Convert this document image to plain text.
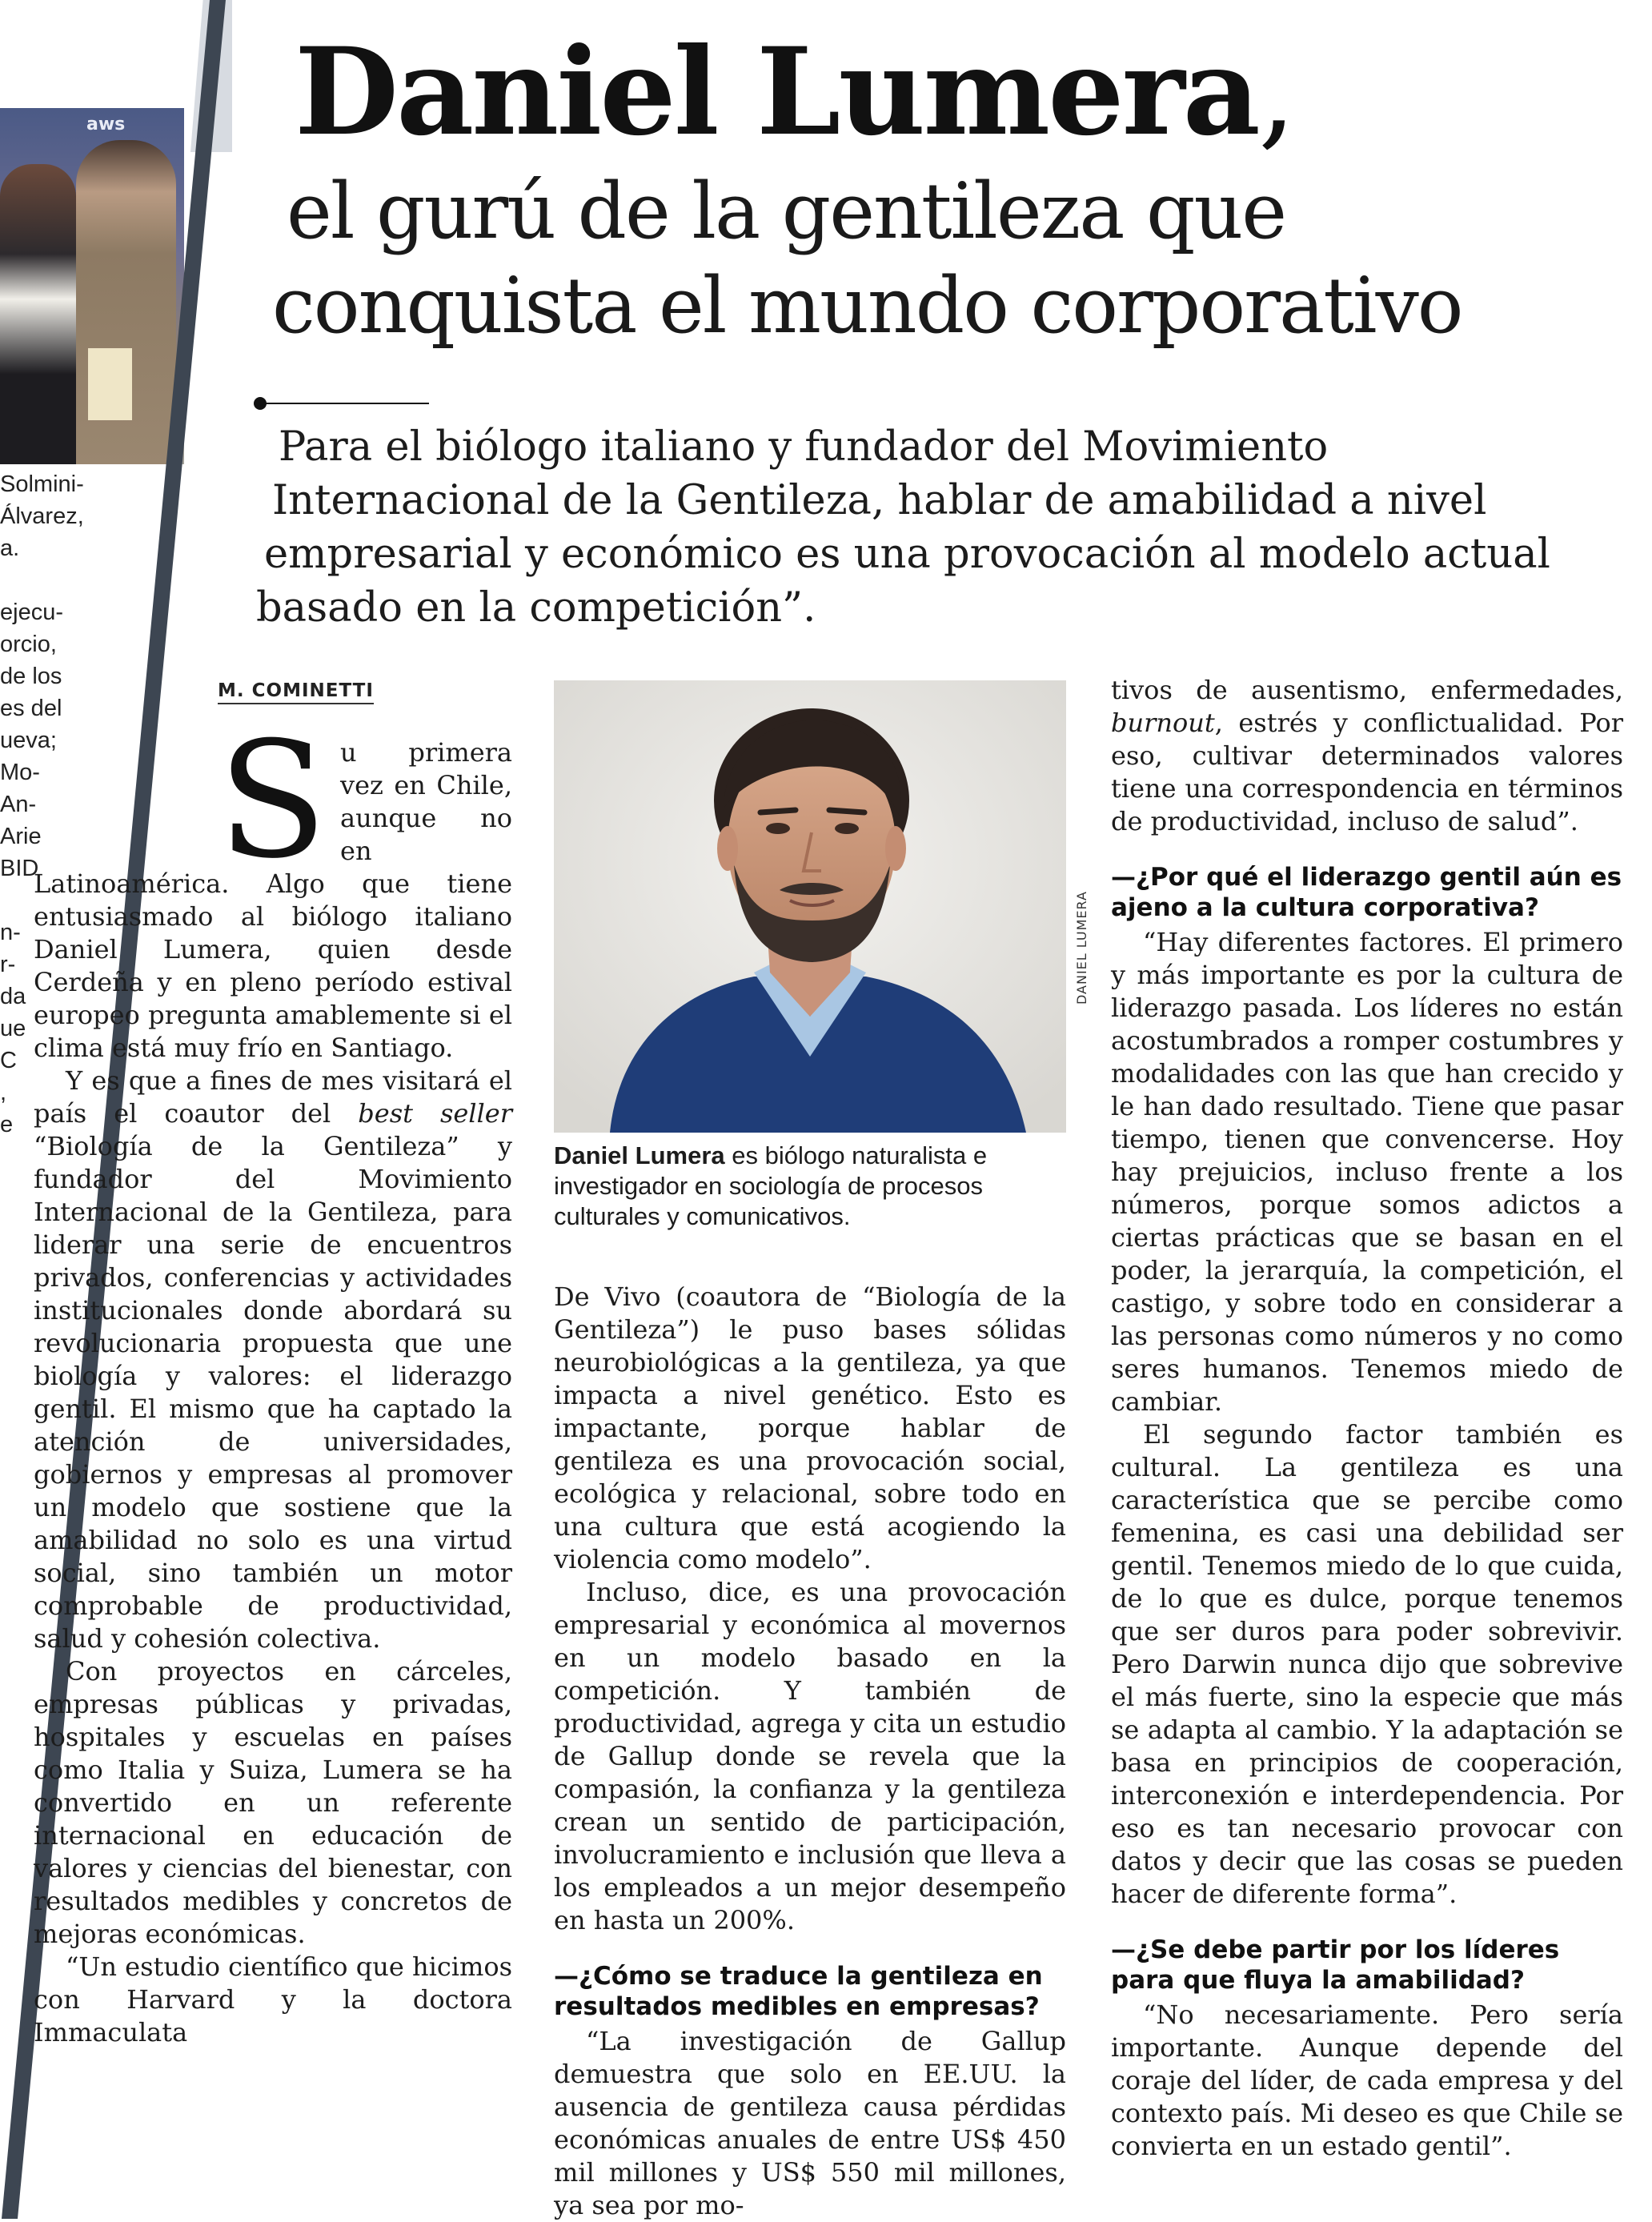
aws
Solmini-
Álvarez,
a.

ejecu-
orcio,
de los
es del
ueva;
Mo-
An-
Arie
BID

n-
r-
da
ue
C
,
e
Daniel Lumera,
el gurú de la gentileza que
conquista el mundo corporativo

Para el biólogo italiano y fundador del Movimiento
Internacional de la Gentileza, hablar de amabilidad a nivel
empresarial y económico es una provocación al modelo actual
basado en la competición”.

M. COMINETTI

Su primera vez en Chile, aunque no en Latinoamérica. Algo que tiene entusiasmado al biólogo italiano Daniel Lumera, quien desde Cerdeña y en pleno período estival europeo pregunta amablemente si el clima está muy frío en Santiago.

Y es que a fines de mes visitará el país el coautor del best seller “Biología de la Gentileza” y fundador del Movimiento Internacional de la Gentileza, para liderar una serie de encuentros privados, conferencias y actividades institucionales donde abordará su revolucionaria propuesta que une biología y valores: el liderazgo gentil. El mismo que ha captado la atención de universidades, gobiernos y empresas al promover un modelo que sostiene que la amabilidad no solo es una virtud social, sino también un motor comprobable de productividad, salud y cohesión colectiva.

Con proyectos en cárceles, empresas públicas y privadas, hospitales y escuelas en países como Italia y Suiza, Lumera se ha convertido en un referente internacional en educación de valores y ciencias del bienestar, con resultados medibles y concretos de mejoras económicas.

“Un estudio científico que hicimos con Harvard y la doctora Immaculata

DANIEL LUMERA

Daniel Lumera es biólogo naturalista e investigador en sociología de procesos culturales y comunicativos.

De Vivo (coautora de “Biología de la Gentileza”) le puso bases sólidas neurobiológicas a la gentileza, ya que impacta a nivel genético. Esto es impactante, porque hablar de gentileza es una provocación social, ecológica y relacional, sobre todo en una cultura que está acogiendo la violencia como modelo”.

Incluso, dice, es una provocación empresarial y económica al movernos en un modelo basado en la competición. Y también de productividad, agrega y cita un estudio de Gallup donde se revela que la compasión, la confianza y la gentileza crean un sentido de participación, involucramiento e inclusión que lleva a los empleados a un mejor desempeño en hasta un 200%.

—¿Cómo se traduce la gentileza en resultados medibles en empresas?

“La investigación de Gallup demuestra que solo en EE.UU. la ausencia de gentileza causa pérdidas económicas anuales de entre US$ 450 mil millones y US$ 550 mil millones, ya sea por mo-

tivos de ausentismo, enfermedades, burnout, estrés y conflictualidad. Por eso, cultivar determinados valores tiene una correspondencia en términos de productividad, incluso de salud”.

—¿Por qué el liderazgo gentil aún es ajeno a la cultura corporativa?

“Hay diferentes factores. El primero y más importante es por la cultura de liderazgo pasada. Los líderes no están acostumbrados a romper costumbres y modalidades con las que han crecido y le han dado resultado. Tiene que pasar tiempo, tienen que convencerse. Hoy hay prejuicios, incluso frente a los números, porque somos adictos a ciertas prácticas que se basan en el poder, la jerarquía, la competición, el castigo, y sobre todo en considerar a las personas como números y no como seres humanos. Tenemos miedo de cambiar.

El segundo factor también es cultural. La gentileza es una característica que se percibe como femenina, es casi una debilidad ser gentil. Tenemos miedo de lo que cuida, de lo que es dulce, porque tenemos que ser duros para poder sobrevivir. Pero Darwin nunca dijo que sobrevive el más fuerte, sino la especie que más se adapta al cambio. Y la adaptación se basa en principios de cooperación, interconexión e interdependencia. Por eso es tan necesario provocar con datos y decir que las cosas se pueden hacer de diferente forma”.

—¿Se debe partir por los líderes para que fluya la amabilidad?

“No necesariamente. Pero sería importante. Aunque depende del coraje del líder, de cada empresa y del contexto país. Mi deseo es que Chile se convierta en un estado gentil”.
